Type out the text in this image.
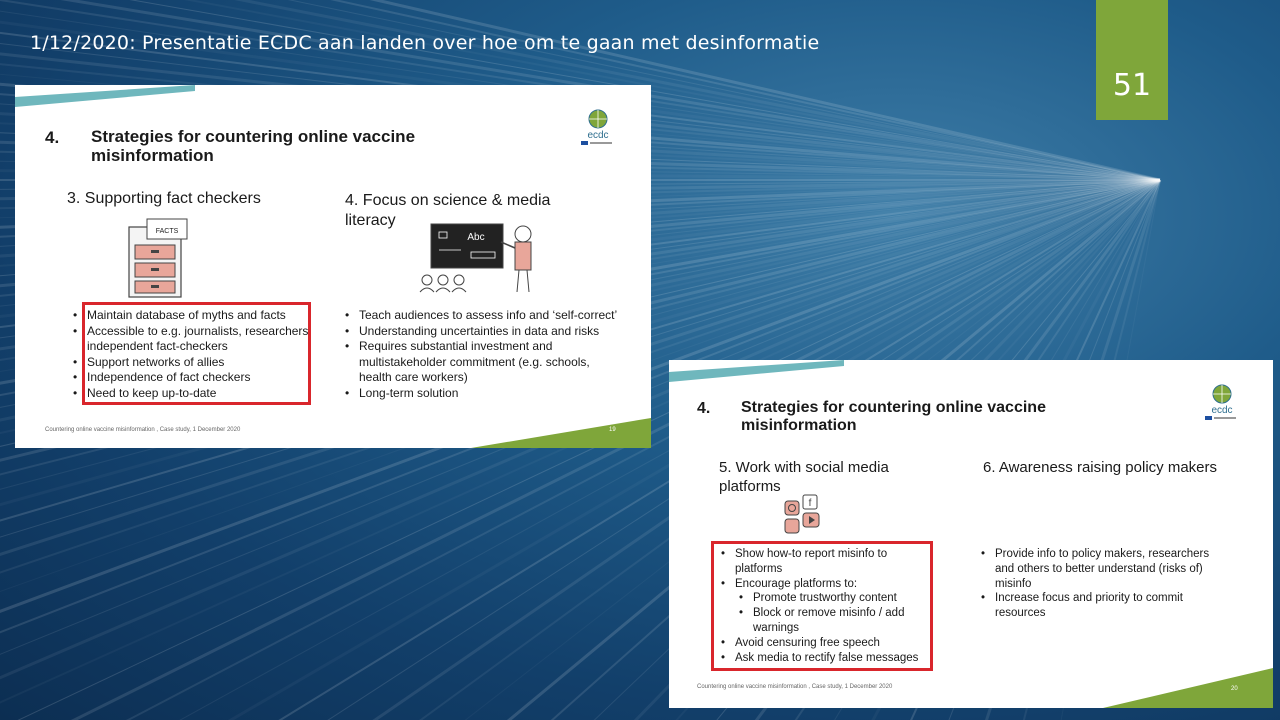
1/12/2020: Presentatie ECDC aan landen over hoe om te gaan met desinformatie
51
ecdc
4. Strategies for countering online vaccine misinformation
3. Supporting fact checkers	4. Focus on science & media literacy
FACTS
Abc
• Maintain database of myths and facts
• Accessible to e.g. journalists, researchers, independent fact-checkers
• Support networks of allies
• Independence of fact checkers
• Need to keep up-to-date
• Teach audiences to assess info and ‘self-correct’
• Understanding uncertainties in data and risks
• Requires substantial investment and multistakeholder commitment (e.g. schools, health care workers)
• Long-term solution
Countering online vaccine misinformation , Case study, 1 December 2020	19
ecdc
4. Strategies for countering online vaccine misinformation
5. Work with social media platforms
6. Awareness raising policy makers
f
• Show how-to report misinfo to platforms
• Encourage platforms to:
• Promote trustworthy content
• Block or remove misinfo / add warnings
• Avoid censuring free speech
• Ask media to rectify false messages
• Provide info to policy makers, researchers and others to better understand (risks of) misinfo
• Increase focus and priority to commit resources
Countering online vaccine misinformation , Case study, 1 December 2020	20
